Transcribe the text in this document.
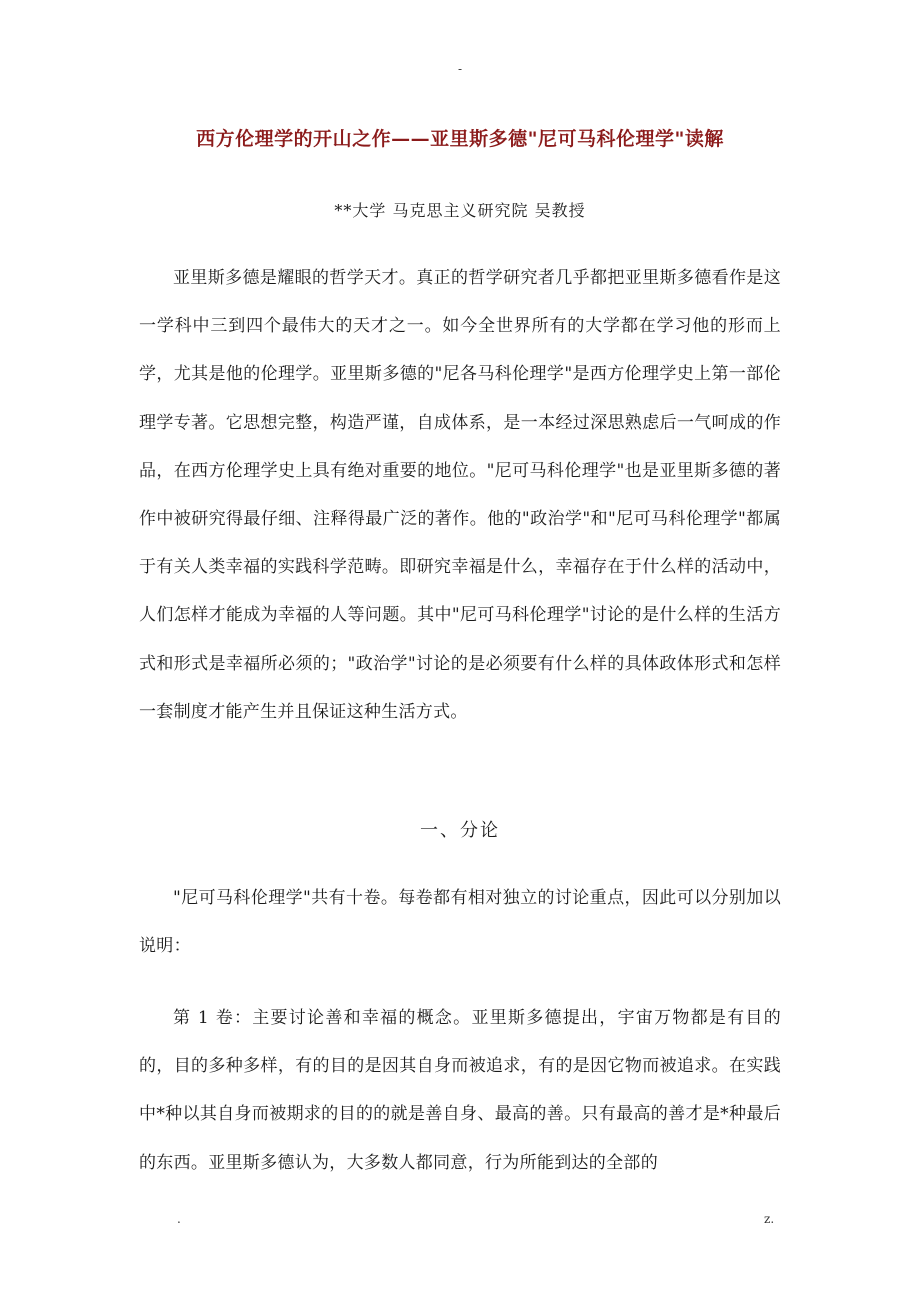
-
西方伦理学的开山之作——亚里斯多德"尼可马科伦理学"读解
**大学 马克思主义研究院 吴教授

亚里斯多德是耀眼的哲学天才。真正的哲学研究者几乎都把亚里斯多德看作是这一学科中三到四个最伟大的天才之一。如今全世界所有的大学都在学习他的形而上学，尤其是他的伦理学。亚里斯多德的"尼各马科伦理学"是西方伦理学史上第一部伦理学专著。它思想完整，构造严谨，自成体系，是一本经过深思熟虑后一气呵成的作品，在西方伦理学史上具有绝对重要的地位。"尼可马科伦理学"也是亚里斯多德的著作中被研究得最仔细、注释得最广泛的著作。他的"政治学"和"尼可马科伦理学"都属于有关人类幸福的实践科学范畴。即研究幸福是什么，幸福存在于什么样的活动中，人们怎样才能成为幸福的人等问题。其中"尼可马科伦理学"讨论的是什么样的生活方式和形式是幸福所必须的；"政治学"讨论的是必须要有什么样的具体政体形式和怎样一套制度才能产生并且保证这种生活方式。

一、分论

"尼可马科伦理学"共有十卷。每卷都有相对独立的讨论重点，因此可以分别加以说明：

第 1 卷：主要讨论善和幸福的概念。亚里斯多德提出，宇宙万物都是有目的的，目的多种多样，有的目的是因其自身而被追求，有的是因它物而被追求。在实践中*种以其自身而被期求的目的的就是善自身、最高的善。只有最高的善才是*种最后的东西。亚里斯多德认为，大多数人都同意，行为所能到达的全部的

.	z.
